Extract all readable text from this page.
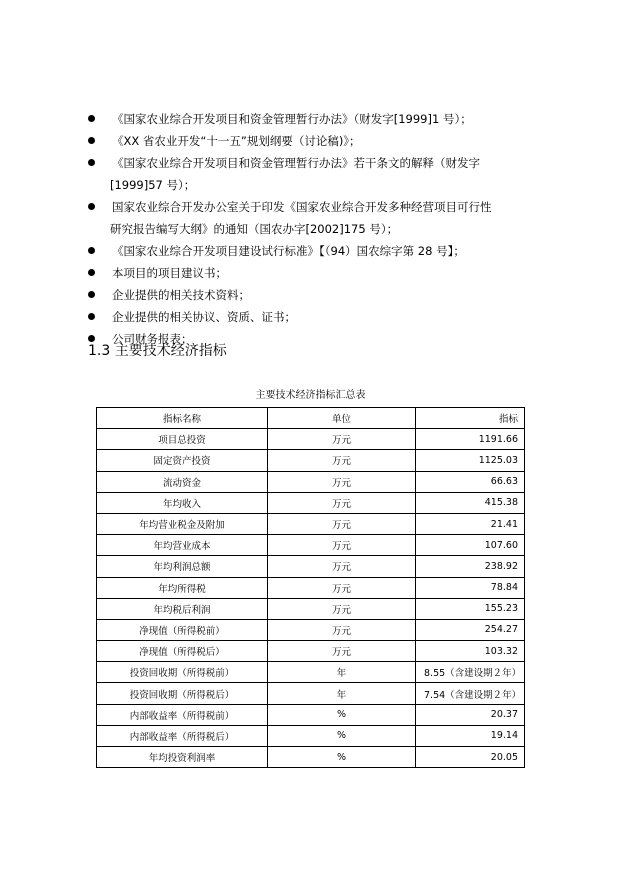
《国家农业综合开发项目和资金管理暂行办法》（财发字[1999]1 号）；
《XX 省农业开发“十一五”规划纲要（讨论稿)》；
《国家农业综合开发项目和资金管理暂行办法》若干条文的解释（财发字
[1999]57 号）；
国家农业综合开发办公室关于印发《国家农业综合开发多种经营项目可行性
研究报告编写大纲》的通知（国农办字[2002]175 号）；
《国家农业综合开发项目建设试行标准》【（94）国农综字第 28 号】；
本项目的项目建议书；
企业提供的相关技术资料；
企业提供的相关协议、资质、证书；
公司财务报表；
1.3 主要技术经济指标
主要技术经济指标汇总表
指标名称	单位	指标
项目总投资	万元	1191.66
固定资产投资	万元	1125.03
流动资金	万元	66.63
年均收入	万元	415.38
年均营业税金及附加	万元	21.41
年均营业成本	万元	107.60
年均利润总额	万元	238.92
年均所得税	万元	78.84
年均税后利润	万元	155.23
净现值（所得税前）	万元	254.27
净现值（所得税后）	万元	103.32
投资回收期（所得税前）	年	8.55（含建设期２年）
投资回收期（所得税后）	年	7.54（含建设期２年）
内部收益率（所得税前）	%	20.37
内部收益率（所得税后）	%	19.14
年均投资利润率	%	20.05
